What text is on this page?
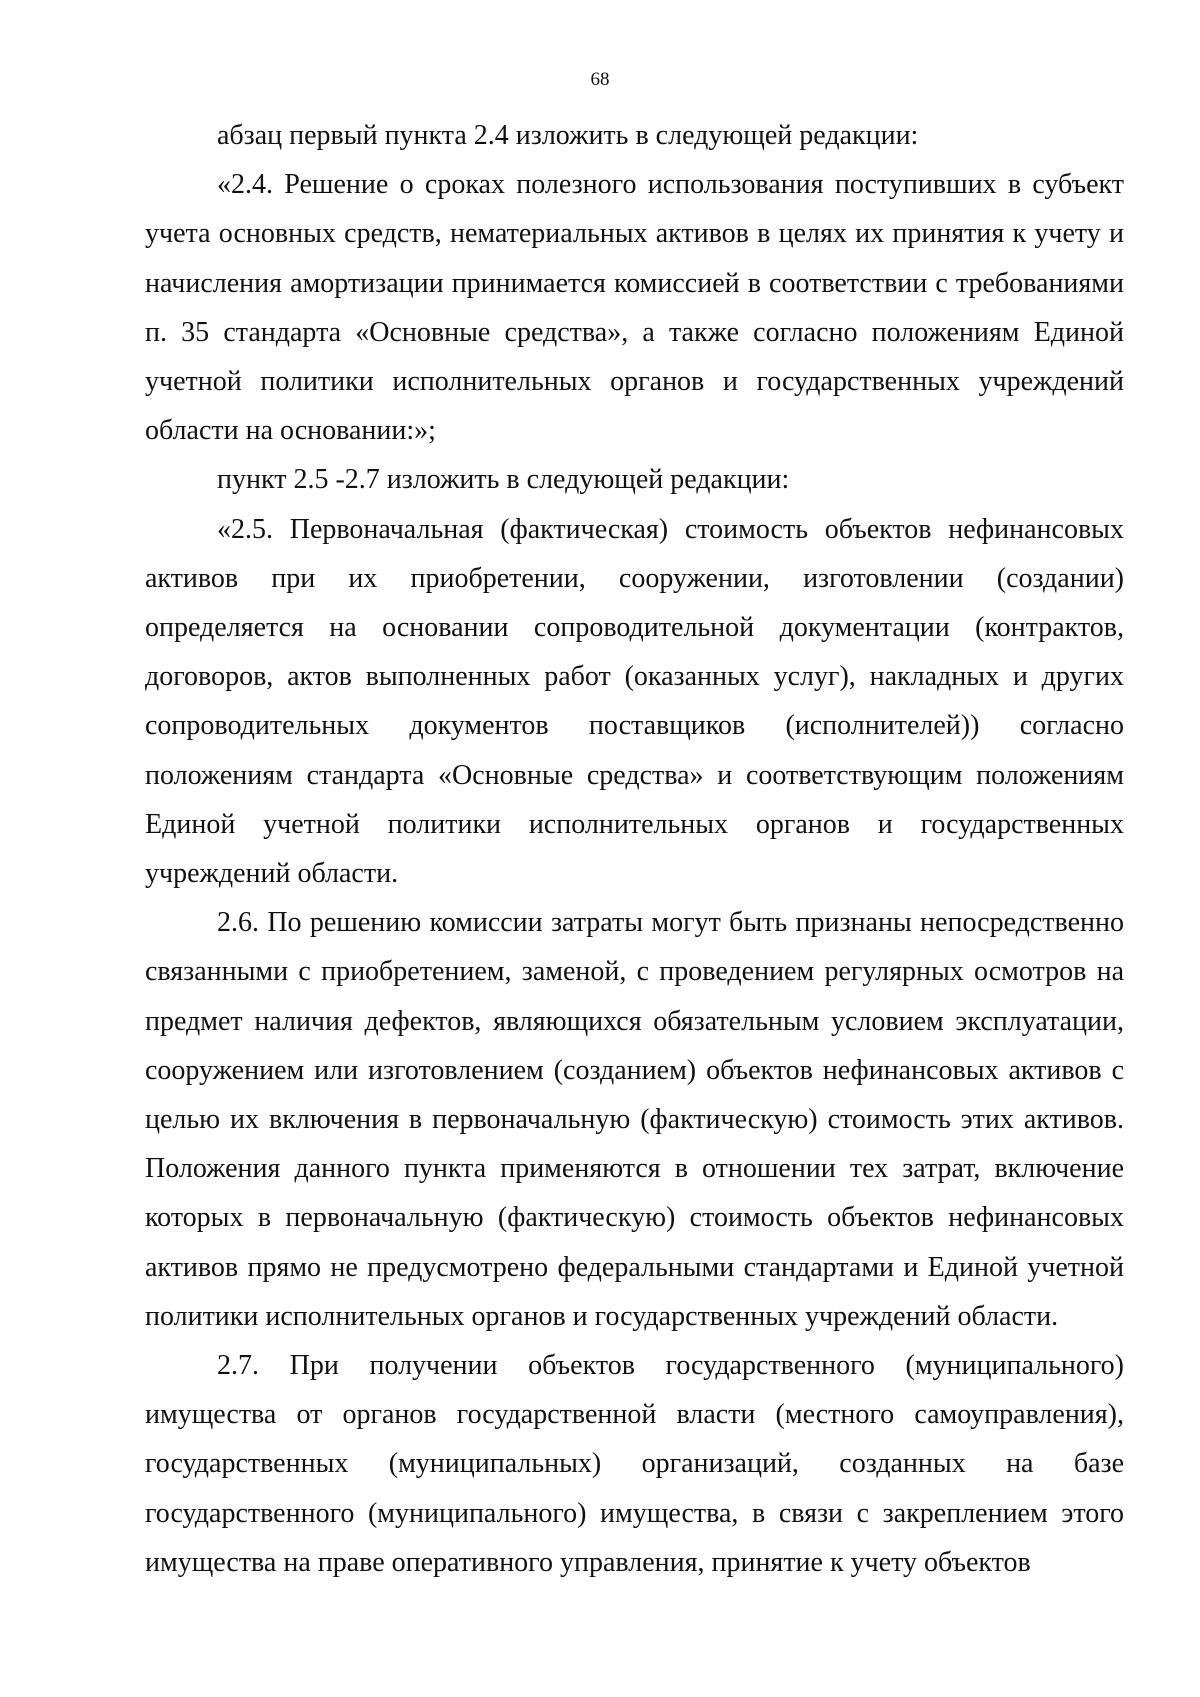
68

абзац первый пункта 2.4 изложить в следующей редакции:

«2.4. Решение о сроках полезного использования поступивших в субъект учета основных средств, нематериальных активов в целях их принятия к учету и начисления амортизации принимается комиссией в соответствии с требованиями п. 35 стандарта «Основные средства», а также согласно положениям Единой учетной политики исполнительных органов и государственных учреждений области на основании:»;

пункт 2.5 -2.7 изложить в следующей редакции:

«2.5. Первоначальная (фактическая) стоимость объектов нефинансовых активов при их приобретении, сооружении, изготовлении (создании) определяется на основании сопроводительной документации (контрактов, договоров, актов выполненных работ (оказанных услуг), накладных и других сопроводительных документов поставщиков (исполнителей)) согласно положениям стандарта «Основные средства» и соответствующим положениям Единой учетной политики исполнительных органов и государственных учреждений области.

2.6. По решению комиссии затраты могут быть признаны непосредственно связанными с приобретением, заменой, с проведением регулярных осмотров на предмет наличия дефектов, являющихся обязательным условием эксплуатации, сооружением или изготовлением (созданием) объектов нефинансовых активов с целью их включения в первоначальную (фактическую) стоимость этих активов. Положения данного пункта применяются в отношении тех затрат, включение которых в первоначальную (фактическую) стоимость объектов нефинансовых активов прямо не предусмотрено федеральными стандартами и Единой учетной политики исполнительных органов и государственных учреждений области.

2.7. При получении объектов государственного (муниципального) имущества от органов государственной власти (местного самоуправления), государственных (муниципальных) организаций, созданных на базе государственного (муниципального) имущества, в связи с закреплением этого имущества на праве оперативного управления, принятие к учету объектов
